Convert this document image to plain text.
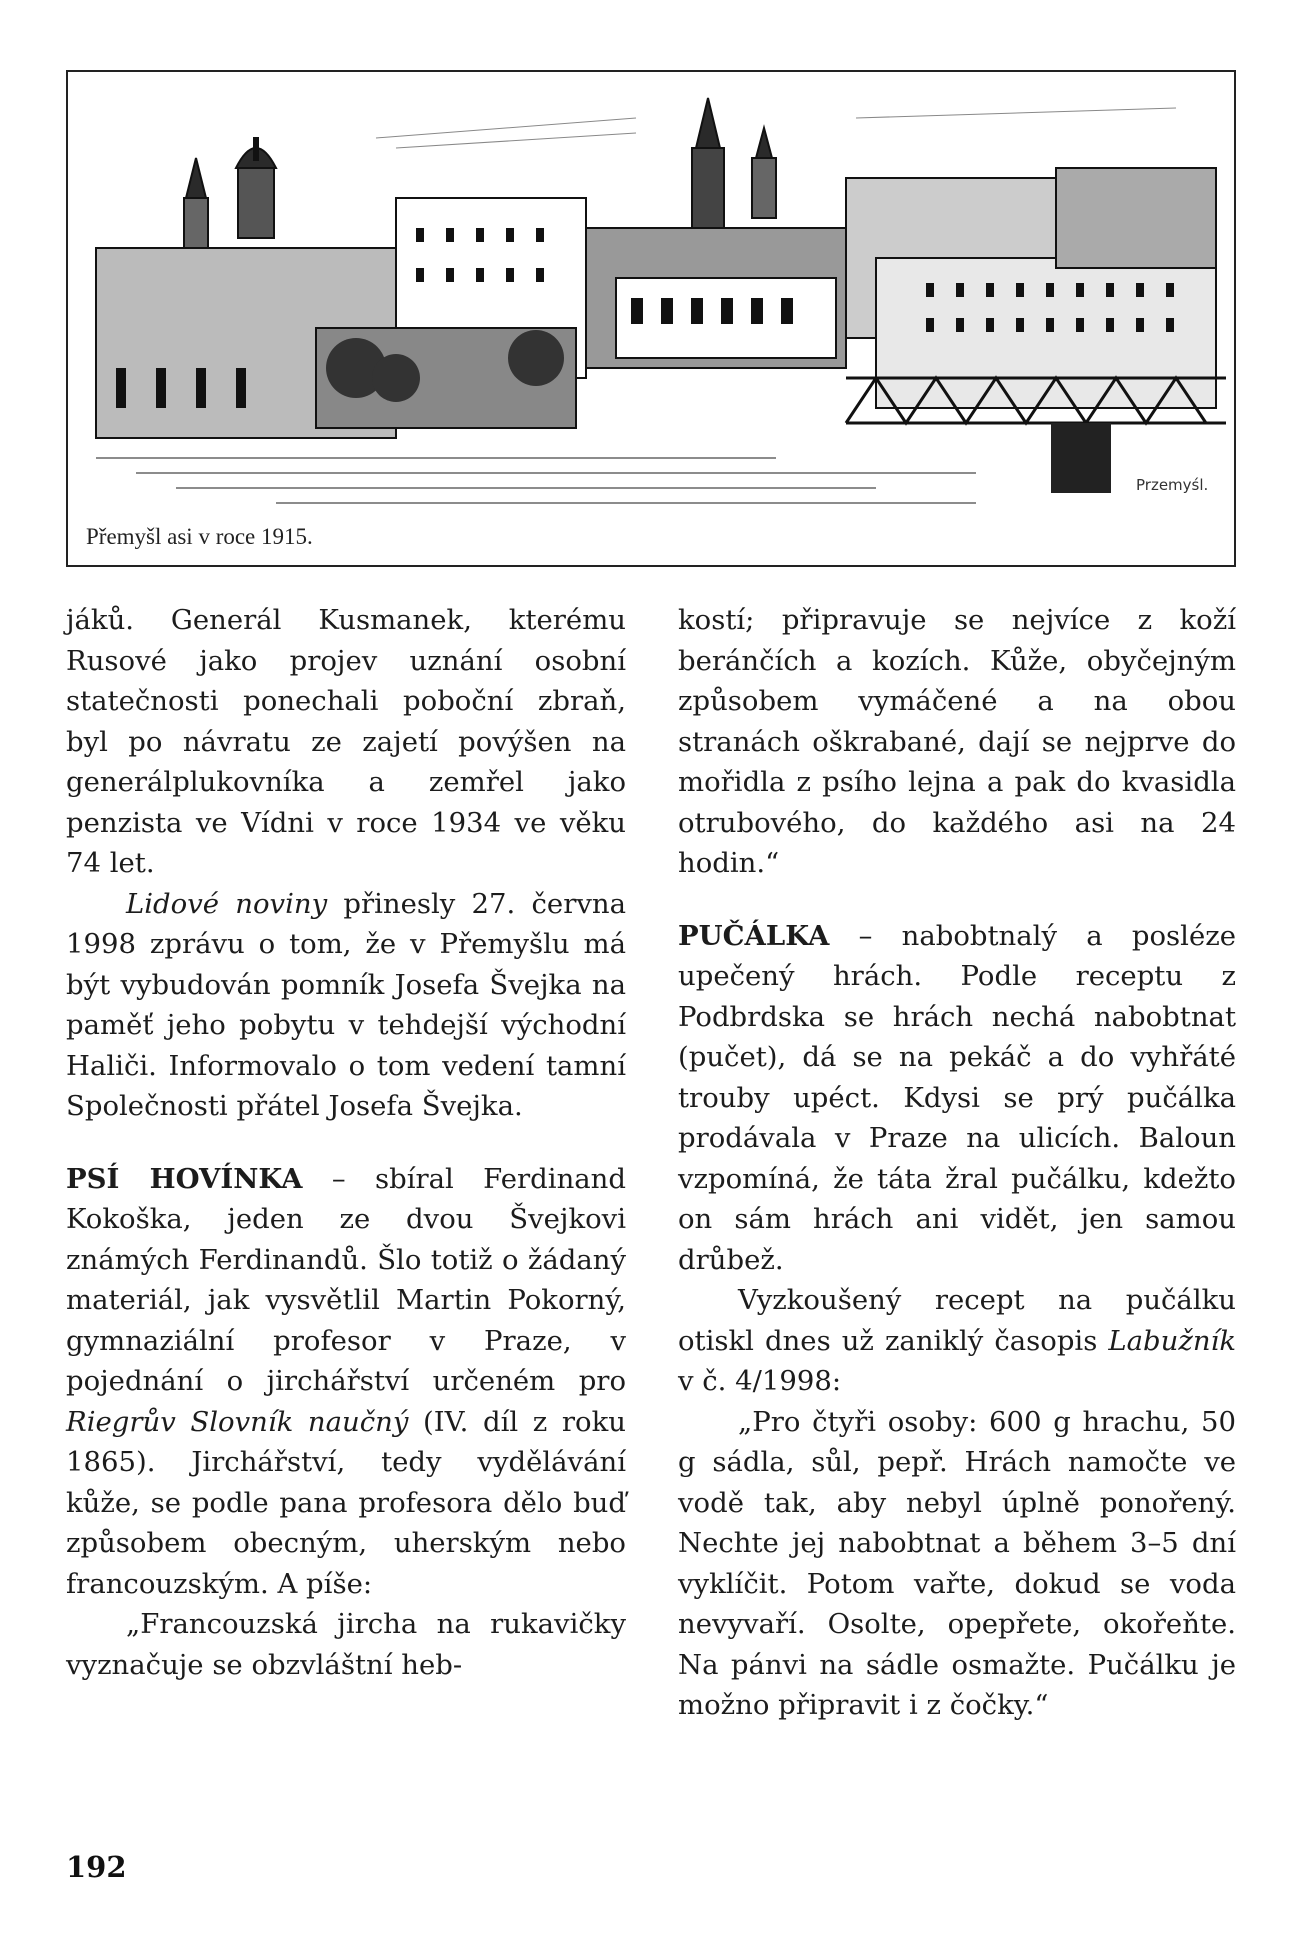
Przemyśl.
Přemyšl asi v roce 1915.

jáků. Generál Kusmanek, kterému Rusové jako projev uznání osobní statečnosti ponechali poboční zbraň, byl po návratu ze zajetí povýšen na generálplukovníka a zemřel jako penzista ve Vídni v roce 1934 ve věku 74 let.

Lidové noviny přinesly 27. června 1998 zprávu o tom, že v Přemyšlu má být vybudován pomník Josefa Švejka na paměť jeho pobytu v tehdejší východní Haliči. Informovalo o tom vedení tamní Společnosti přátel Josefa Švejka.

PSÍ HOVÍNKA – sbíral Ferdinand Kokoška, jeden ze dvou Švejkovi známých Ferdinandů. Šlo totiž o žádaný materiál, jak vysvětlil Martin Pokorný, gymnaziální profesor v Praze, v pojednání o jirchářství určeném pro Riegrův Slovník naučný (IV. díl z roku 1865). Jirchářství, tedy vydělávání kůže, se podle pana profesora dělo buď způsobem obecným, uherským nebo francouzským. A píše:

„Francouzská jircha na rukavičky vyznačuje se obzvláštní heb-

kostí; připravuje se nejvíce z koží beránčích a kozích. Kůže, obyčejným způsobem vymáčené a na obou stranách oškrabané, dají se nejprve do mořidla z psího lejna a pak do kvasidla otrubového, do každého asi na 24 hodin.“

PUČÁLKA – nabobtnalý a posléze upečený hrách. Podle receptu z Podbrdska se hrách nechá nabobtnat (pučet), dá se na pekáč a do vyhřáté trouby upéct. Kdysi se prý pučálka prodávala v Praze na ulicích. Baloun vzpomíná, že táta žral pučálku, kdežto on sám hrách ani vidět, jen samou drůbež.

Vyzkoušený recept na pučálku otiskl dnes už zaniklý časopis Labužník v č. 4/1998:

„Pro čtyři osoby: 600 g hrachu, 50 g sádla, sůl, pepř. Hrách namočte ve vodě tak, aby nebyl úplně ponořený. Nechte jej nabobtnat a během 3–5 dní vyklíčit. Potom vařte, dokud se voda nevyvaří. Osolte, opepřete, okořeňte. Na pánvi na sádle osmažte. Pučálku je možno připravit i z čočky.“

192
